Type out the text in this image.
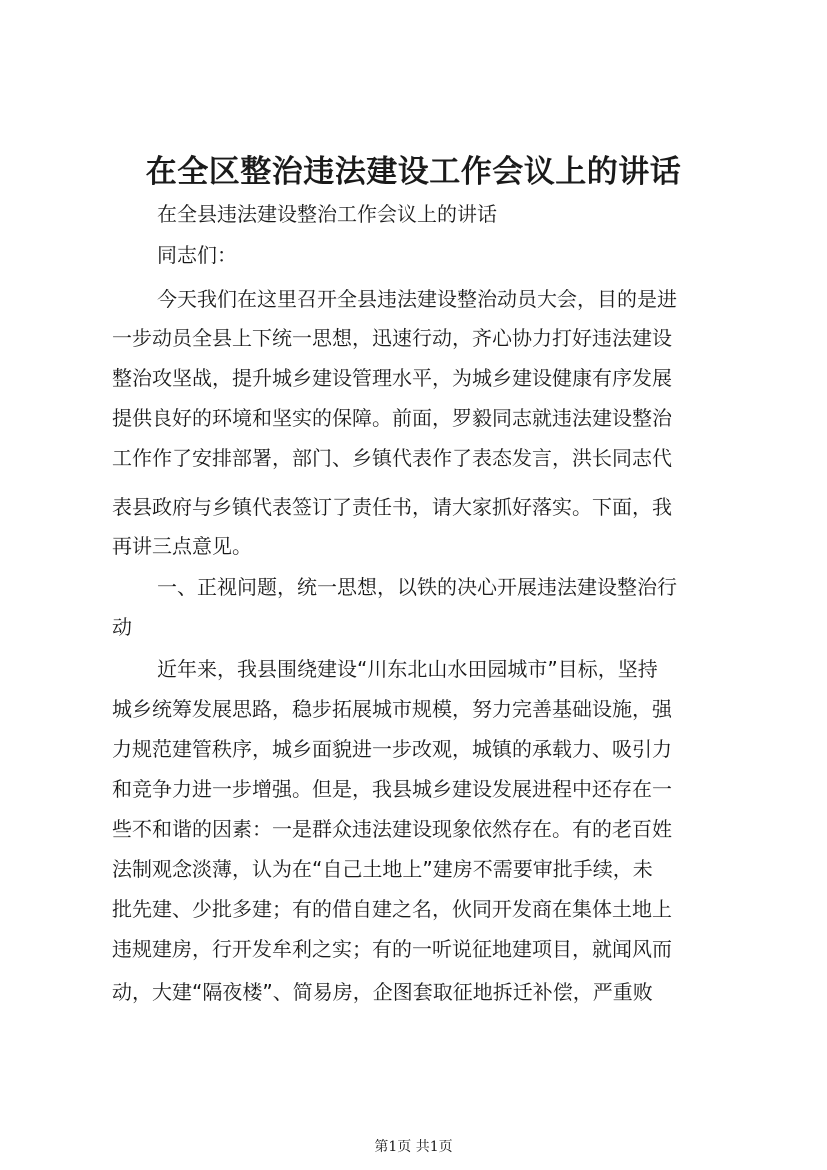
在全区整治违法建设工作会议上的讲话
在全县违法建设整治工作会议上的讲话
同志们：
今天我们在这里召开全县违法建设整治动员大会，目的是进
一步动员全县上下统一思想，迅速行动，齐心协力打好违法建设
整治攻坚战，提升城乡建设管理水平，为城乡建设健康有序发展
提供良好的环境和坚实的保障。前面，罗毅同志就违法建设整治
工作作了安排部署，部门、乡镇代表作了表态发言，洪长同志代
表县政府与乡镇代表签订了责任书，请大家抓好落实。下面，我
再讲三点意见。
一、正视问题，统一思想，以铁的决心开展违法建设整治行
动
近年来，我县围绕建设“川东北山水田园城市”目标，坚持
城乡统筹发展思路，稳步拓展城市规模，努力完善基础设施，强
力规范建管秩序，城乡面貌进一步改观，城镇的承载力、吸引力
和竞争力进一步增强。但是，我县城乡建设发展进程中还存在一
些不和谐的因素：一是群众违法建设现象依然存在。有的老百姓
法制观念淡薄，认为在“自己土地上”建房不需要审批手续，未
批先建、少批多建；有的借自建之名，伙同开发商在集体土地上
违规建房，行开发牟利之实；有的一听说征地建项目，就闻风而
动，大建“隔夜楼”、简易房，企图套取征地拆迁补偿，严重败
第1页 共1页
